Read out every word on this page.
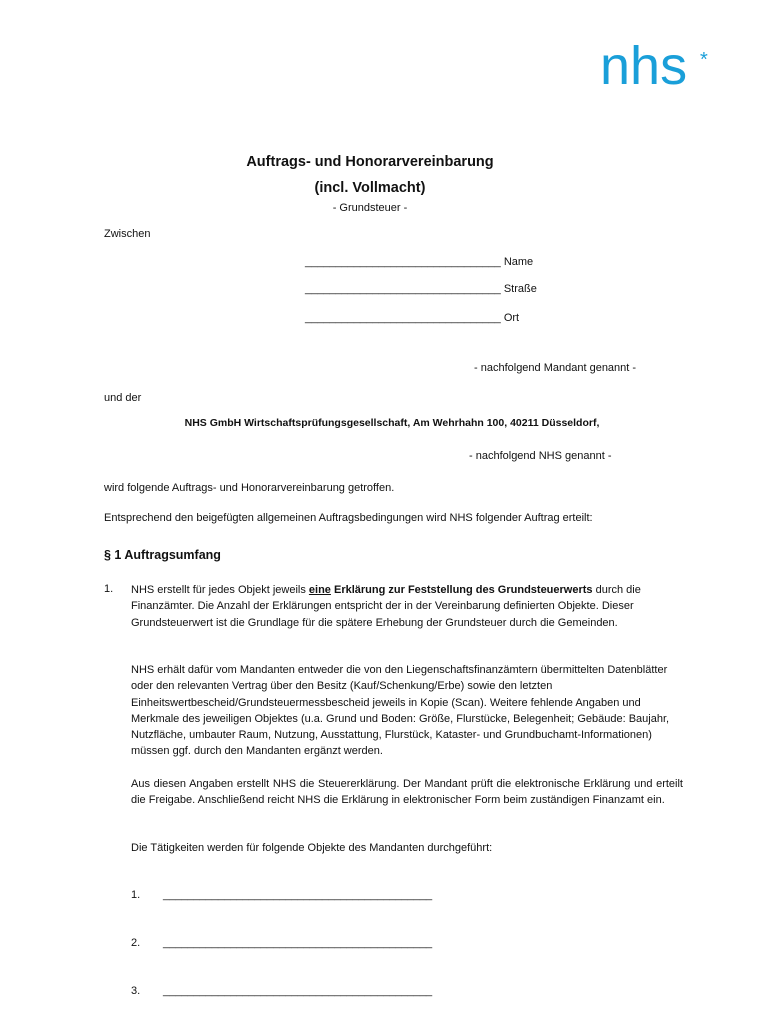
nhs *
Auftrags- und Honorarvereinbarung
(incl. Vollmacht)
- Grundsteuer -
Zwischen
________________________________ Name
________________________________ Straße
________________________________ Ort
- nachfolgend Mandant genannt -
und der
NHS GmbH Wirtschaftsprüfungsgesellschaft, Am Wehrhahn 100, 40211 Düsseldorf,
- nachfolgend NHS genannt -
wird folgende Auftrags- und Honorarvereinbarung getroffen.
Entsprechend den beigefügten allgemeinen Auftragsbedingungen wird NHS folgender Auftrag erteilt:
§ 1 Auftragsumfang
1. NHS erstellt für jedes Objekt jeweils eine Erklärung zur Feststellung des Grundsteuerwerts durch die Finanzämter. Die Anzahl der Erklärungen entspricht der in der Vereinbarung definierten Objekte. Dieser Grundsteuerwert ist die Grundlage für die spätere Erhebung der Grundsteuer durch die Gemeinden.

NHS erhält dafür vom Mandanten entweder die von den Liegenschaftsfinanzämtern übermittelten Datenblätter oder den relevanten Vertrag über den Besitz (Kauf/Schenkung/Erbe) sowie den letzten Einheitswertbescheid/Grundsteuermessbescheid jeweils in Kopie (Scan). Weitere fehlende Angaben und Merkmale des jeweiligen Objektes (u.a. Grund und Boden: Größe, Flurstücke, Belegenheit; Gebäude: Baujahr, Nutzfläche, umbauter Raum, Nutzung, Ausstattung, Flurstück, Kataster- und Grundbuchamt-Informationen) müssen ggf. durch den Mandanten ergänzt werden.

Aus diesen Angaben erstellt NHS die Steuererklärung. Der Mandant prüft die elektronische Erklärung und erteilt die Freigabe. Anschließend reicht NHS die Erklärung in elektronischer Form beim zuständigen Finanzamt ein.

Die Tätigkeiten werden für folgende Objekte des Mandanten durchgeführt:

1. ____________________________________________
2. ____________________________________________
3. ____________________________________________
